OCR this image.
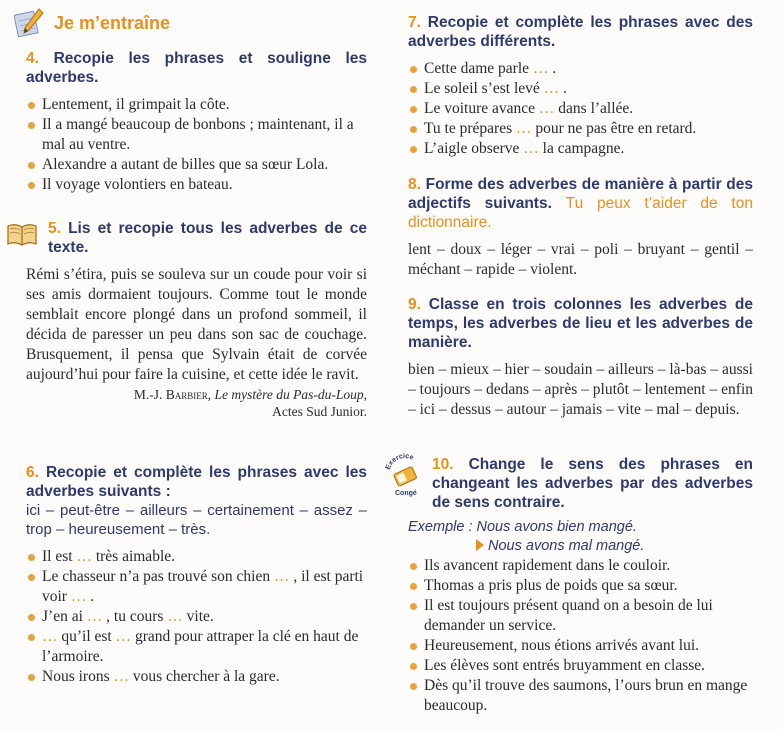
Je m’entraîne

4. Recopie les phrases et souligne les adverbes.

Lentement, il grimpait la côte.
Il a mangé beaucoup de bonbons ; maintenant, il a mal au ventre.
Alexandre a autant de billes que sa sœur Lola.
Il voyage volontiers en bateau.

5. Lis et recopie tous les adverbes de ce texte.

Rémi s’étira, puis se souleva sur un coude pour voir si ses amis dormaient toujours. Comme tout le monde semblait encore plongé dans un profond sommeil, il décida de paresser un peu dans son sac de couchage. Brusquement, il pensa que Sylvain était de corvée aujourd’hui pour faire la cuisine, et cette idée le ravit.

M.-J. Barbier, Le mystère du Pas-du-Loup,
Actes Sud Junior.

6. Recopie et complète les phrases avec les adverbes suivants :

ici – peut-être – ailleurs – certainement – assez – trop – heureusement – très.

Il est … très aimable.
Le chasseur n’a pas trouvé son chien … , il est parti voir … .
J’en ai … , tu cours … vite.
… qu’il est … grand pour attraper la clé en haut de l’armoire.
Nous irons … vous chercher à la gare.

7. Recopie et complète les phrases avec des adverbes différents.

Cette dame parle … .
Le soleil s’est levé … .
Le voiture avance … dans l’allée.
Tu te prépares … pour ne pas être en retard.
L’aigle observe … la campagne.

8. Forme des adverbes de manière à partir des adjectifs suivants. Tu peux t’aider de ton dictionnaire.

lent – doux – léger – vrai – poli – bruyant – gentil – méchant – rapide – violent.

9. Classe en trois colonnes les adverbes de temps, les adverbes de lieu et les adverbes de manière.

bien – mieux – hier – soudain – ailleurs – là-bas – aussi – toujours – dedans – après – plutôt – lentement – enfin – ici – dessus – autour – jamais – vite – mal – depuis.

Exercice
Congé

10. Change le sens des phrases en changeant les adverbes par des adverbes de sens contraire.

Exemple : Nous avons bien mangé.
Nous avons mal mangé.
Ils avancent rapidement dans le couloir.
Thomas a pris plus de poids que sa sœur.
Il est toujours présent quand on a besoin de lui demander un service.
Heureusement, nous étions arrivés avant lui.
Les élèves sont entrés bruyamment en classe.
Dès qu’il trouve des saumons, l’ours brun en mange beaucoup.
